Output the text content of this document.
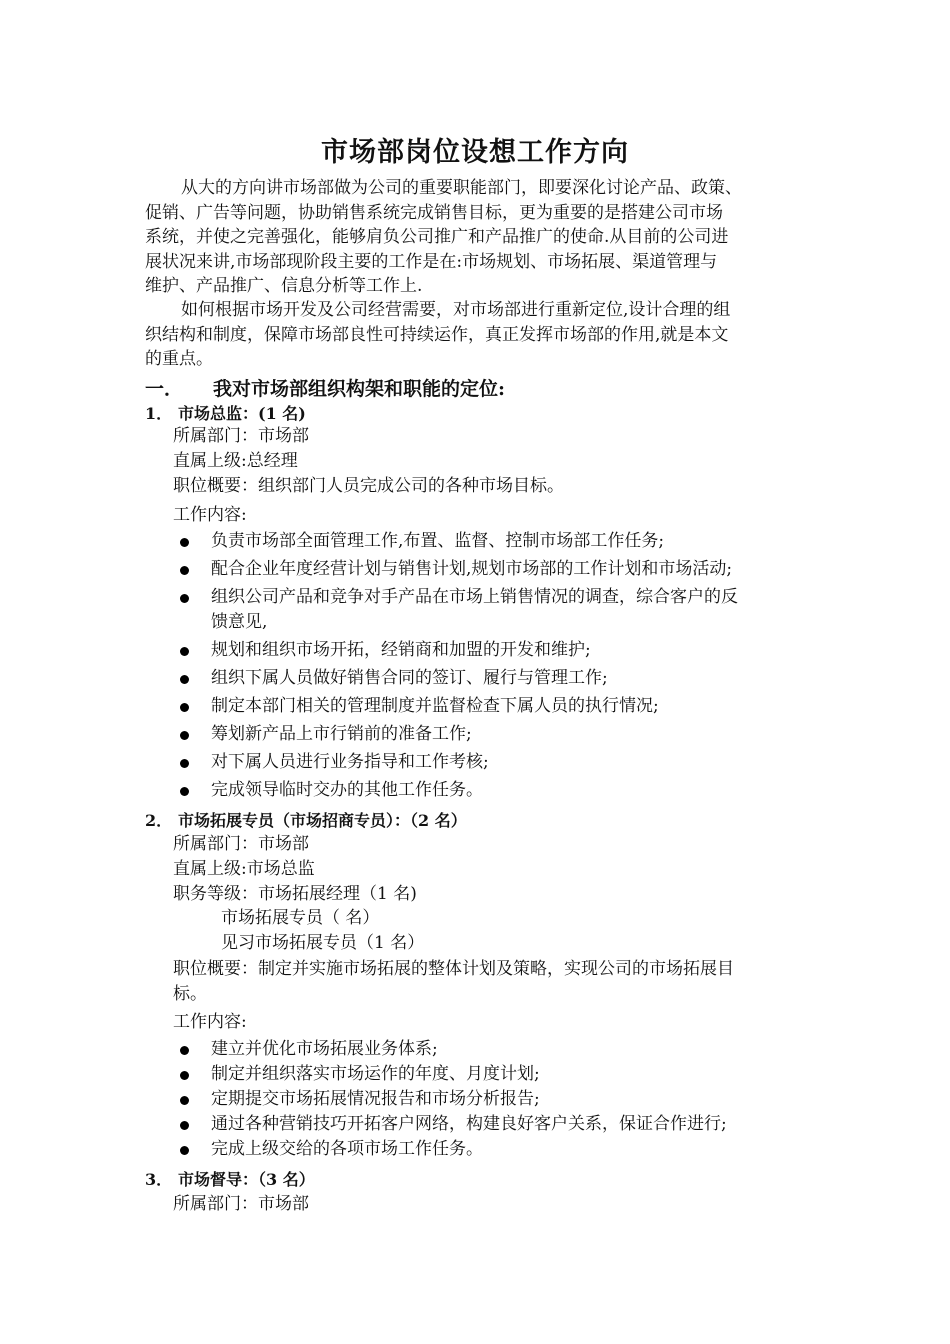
市场部岗位设想工作方向
从大的方向讲市场部做为公司的重要职能部门，即要深化讨论产品、政策、
促销、广告等问题，协助销售系统完成销售目标，更为重要的是搭建公司市场
系统，并使之完善强化，能够肩负公司推广和产品推广的使命.从目前的公司进
展状况来讲,市场部现阶段主要的工作是在:市场规划、市场拓展、渠道管理与
维护、产品推广、信息分析等工作上.
如何根据市场开发及公司经营需要，对市场部进行重新定位,设计合理的组
织结构和制度，保障市场部良性可持续运作，真正发挥市场部的作用,就是本文
的重点。
一． 我对市场部组织构架和职能的定位:
1． 市场总监：(1 名)
所属部门：市场部
直属上级:总经理
职位概要：组织部门人员完成公司的各种市场目标。
工作内容:
负责市场部全面管理工作,布置、监督、控制市场部工作任务;
配合企业年度经营计划与销售计划,规划市场部的工作计划和市场活动;
组织公司产品和竞争对手产品在市场上销售情况的调查，综合客户的反
馈意见,
规划和组织市场开拓，经销商和加盟的开发和维护;
组织下属人员做好销售合同的签订、履行与管理工作;
制定本部门相关的管理制度并监督检查下属人员的执行情况;
筹划新产品上市行销前的准备工作;
对下属人员进行业务指导和工作考核;
完成领导临时交办的其他工作任务。
2． 市场拓展专员（市场招商专员）：（2 名）
所属部门：市场部
直属上级:市场总监
职务等级：市场拓展经理（1 名)
市场拓展专员（ 名）
见习市场拓展专员（1 名）
职位概要：制定并实施市场拓展的整体计划及策略，实现公司的市场拓展目
标。
工作内容:
建立并优化市场拓展业务体系;
制定并组织落实市场运作的年度、月度计划;
定期提交市场拓展情况报告和市场分析报告;
通过各种营销技巧开拓客户网络，构建良好客户关系，保证合作进行;
完成上级交给的各项市场工作任务。
3． 市场督导：（3 名）
所属部门：市场部
